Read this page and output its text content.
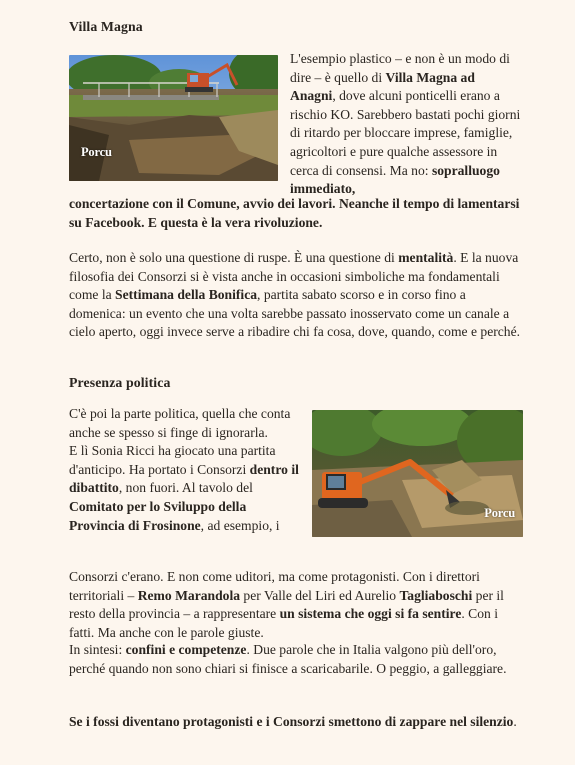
Villa Magna
Porcu

L'esempio plastico – e non è un modo di dire – è quello di Villa Magna ad Anagni, dove alcuni ponticelli erano a rischio KO. Sarebbero bastati pochi giorni di ritardo per bloccare imprese, famiglie, agricoltori e pure qualche assessore in cerca di consensi. Ma no: sopralluogo immediato,

concertazione con il Comune, avvio dei lavori. Neanche il tempo di lamentarsi su Facebook. E questa è la vera rivoluzione.

Certo, non è solo una questione di ruspe. È una questione di mentalità. E la nuova filosofia dei Consorzi si è vista anche in occasioni simboliche ma fondamentali come la Settimana della Bonifica, partita sabato scorso e in corso fino a domenica: un evento che una volta sarebbe passato inosservato come un canale a cielo aperto, oggi invece serve a ribadire chi fa cosa, dove, quando, come e perché.

Presenza politica

C'è poi la parte politica, quella che conta anche se spesso si finge di ignorarla.
E lì Sonia Ricci ha giocato una partita d'anticipo. Ha portato i Consorzi dentro il dibattito, non fuori. Al tavolo del Comitato per lo Sviluppo della Provincia di Frosinone, ad esempio, i

Porcu

Consorzi c'erano. E non come uditori, ma come protagonisti. Con i direttori territoriali – Remo Marandola per Valle del Liri ed Aurelio Tagliaboschi per il resto della provincia – a rappresentare un sistema che oggi si fa sentire. Con i fatti. Ma anche con le parole giuste.

In sintesi: confini e competenze. Due parole che in Italia valgono più dell'oro, perché quando non sono chiari si finisce a scaricabarile. O peggio, a galleggiare.

Se i fossi diventano protagonisti e i Consorzi smettono di zappare nel silenzio.
